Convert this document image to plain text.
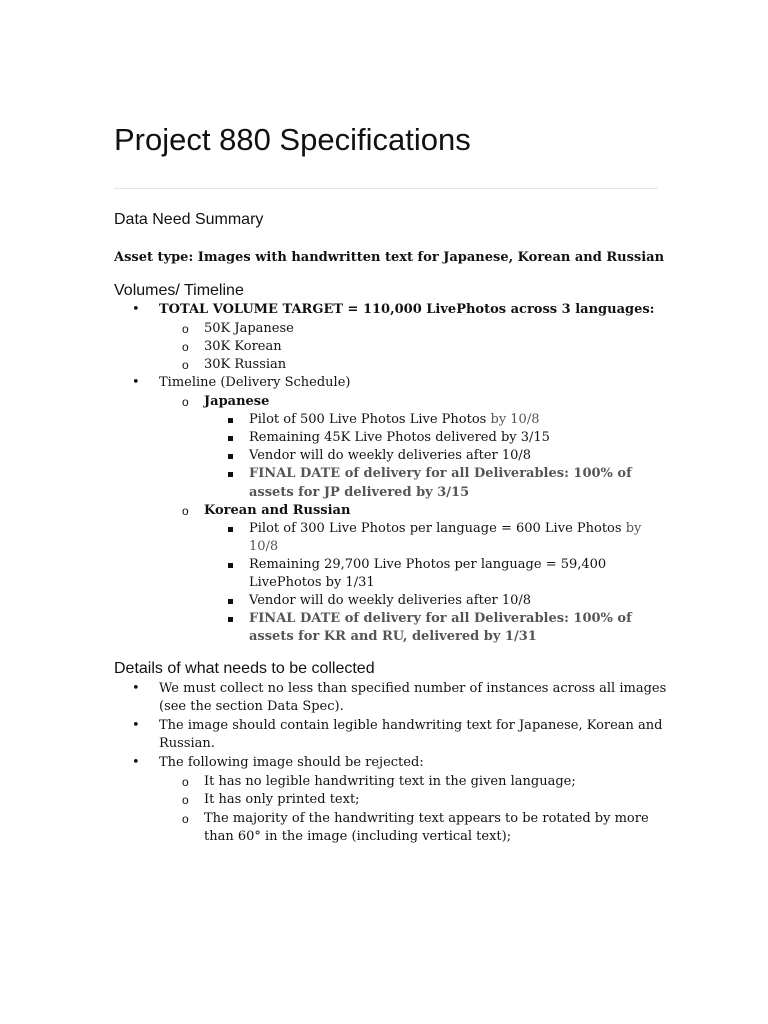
Project 880 Specifications
Data Need Summary
Asset type: Images with handwritten text for Japanese, Korean and Russian
Volumes/ Timeline
• TOTAL VOLUME TARGET = 110,000 LivePhotos across 3 languages:
o 50K Japanese
o 30K Korean
o 30K Russian
• Timeline (Delivery Schedule)
o Japanese
Pilot of 500 Live Photos Live Photos by 10/8
Remaining 45K Live Photos delivered by 3/15
Vendor will do weekly deliveries after 10/8
FINAL DATE of delivery for all Deliverables: 100% of
assets for JP delivered by 3/15
o Korean and Russian
Pilot of 300 Live Photos per language = 600 Live Photos by
10/8
Remaining 29,700 Live Photos per language = 59,400
LivePhotos by 1/31
Vendor will do weekly deliveries after 10/8
FINAL DATE of delivery for all Deliverables: 100% of
assets for KR and RU, delivered by 1/31
Details of what needs to be collected
• We must collect no less than specified number of instances across all images
(see the section Data Spec).
• The image should contain legible handwriting text for Japanese, Korean and
Russian.
• The following image should be rejected:
o It has no legible handwriting text in the given language;
o It has only printed text;
o The majority of the handwriting text appears to be rotated by more
than 60° in the image (including vertical text);
